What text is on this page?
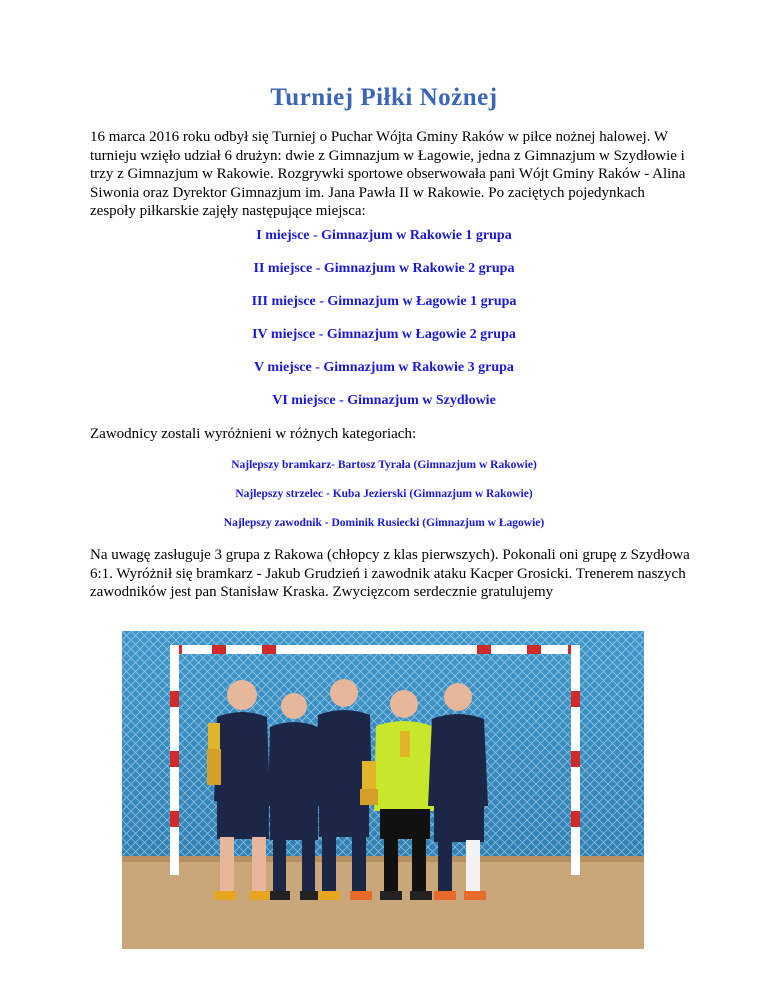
Turniej Piłki Nożnej
16 marca 2016 roku odbył się Turniej o Puchar Wójta Gminy Raków w piłce nożnej halowej. W turnieju wzięło udział 6 drużyn: dwie z Gimnazjum w Łagowie, jedna z Gimnazjum w Szydłowie i trzy z Gimnazjum w Rakowie. Rozgrywki sportowe obserwowała pani Wójt Gminy Raków - Alina Siwonia oraz Dyrektor Gimnazjum im. Jana Pawła II w Rakowie. Po zaciętych pojedynkach zespoły piłkarskie zajęły następujące miejsca:
I miejsce - Gimnazjum w Rakowie 1 grupa
II miejsce - Gimnazjum w Rakowie 2 grupa
III miejsce - Gimnazjum w Łagowie 1 grupa
IV miejsce - Gimnazjum w Łagowie 2 grupa
V miejsce - Gimnazjum w Rakowie 3 grupa
VI miejsce - Gimnazjum w Szydłowie
Zawodnicy zostali wyróżnieni w różnych kategoriach:
Najlepszy bramkarz- Bartosz Tyrała (Gimnazjum w Rakowie)
Najlepszy strzelec - Kuba Jezierski (Gimnazjum w Rakowie)
Najlepszy zawodnik - Dominik Rusiecki (Gimnazjum w Łagowie)
Na uwagę zasługuje 3 grupa z Rakowa (chłopcy z klas pierwszych). Pokonali oni grupę z Szydłowa 6:1. Wyróżnił się bramkarz - Jakub Grudzień i zawodnik ataku Kacper Grosicki. Trenerem naszych zawodników jest pan Stanisław Kraska. Zwycięzcom serdecznie gratulujemy
